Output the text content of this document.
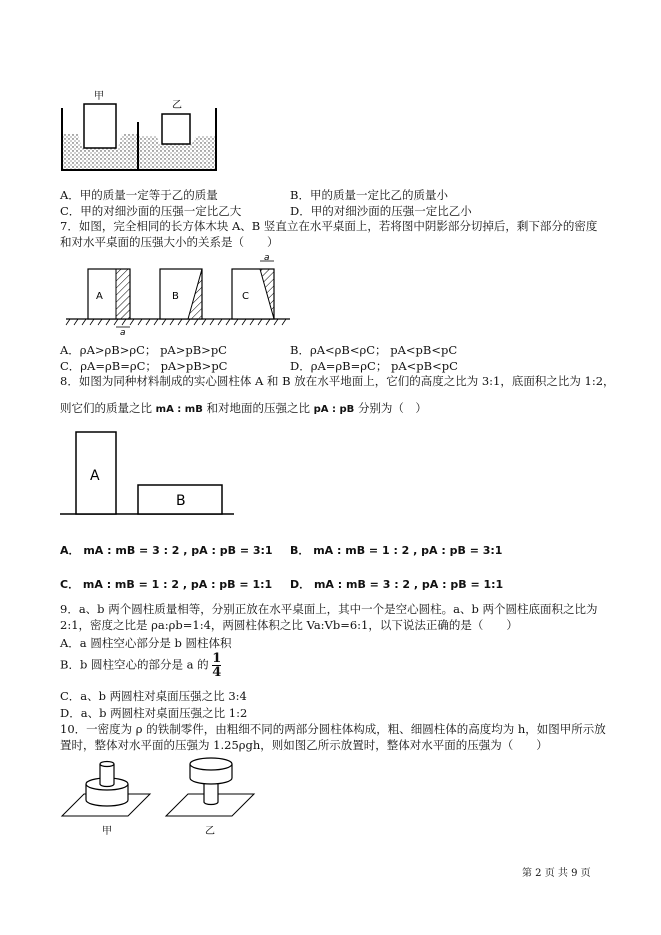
甲
乙
A．甲的质量一定等于乙的质量	B．甲的质量一定比乙的质量小
C．甲的对细沙面的压强一定比乙大	D．甲的对细沙面的压强一定比乙小
7．如图，完全相同的长方体木块 A、B 竖直立在水平桌面上，若将图中阴影部分切掉后，剩下部分的密度
和对水平桌面的压强大小的关系是（　　）
A
a
B	C
a
A．ρA>ρB>ρC； pA>pB>pC	B．ρA<ρB<ρC； pA<pB<pC
C．ρA=ρB=ρC； pA>pB>pC	D．ρA=ρB=ρC； pA<pB<pC
8．如图为同种材料制成的实心圆柱体 A 和 B 放在水平地面上，它们的高度之比为 3:1，底面积之比为 1:2，
则它们的质量之比 mA : mB 和对地面的压强之比 pA : pB 分别为（　）
A
B
A． mA : mB = 3 : 2 , pA : pB = 3:1 B． mA : mB = 1 : 2 , pA : pB = 3:1
C． mA : mB = 1 : 2 , pA : pB = 1:1 D． mA : mB = 3 : 2 , pA : pB = 1:1
9．a、b 两个圆柱质量相等，分别正放在水平桌面上，其中一个是空心圆柱。a、b 两个圆柱底面积之比为
2:1，密度之比是 ρa:ρb=1:4，两圆柱体积之比 Va:Vb=6:1，以下说法正确的是（　　）
A．a 圆柱空心部分是 b 圆柱体积
B．b 圆柱空心的部分是 a 的 $\frac{1}{4}$
C．a、b 两圆柱对桌面压强之比 3:4
D．a、b 两圆柱对桌面压强之比 1:2
10．一密度为 ρ 的铁制零件，由粗细不同的两部分圆柱体构成，粗、细圆柱体的高度均为 h，如图甲所示放
置时，整体对水平面的压强为 1.25ρgh，则如图乙所示放置时，整体对水平面的压强为（　　）
甲	乙
第 2 页 共 9 页
